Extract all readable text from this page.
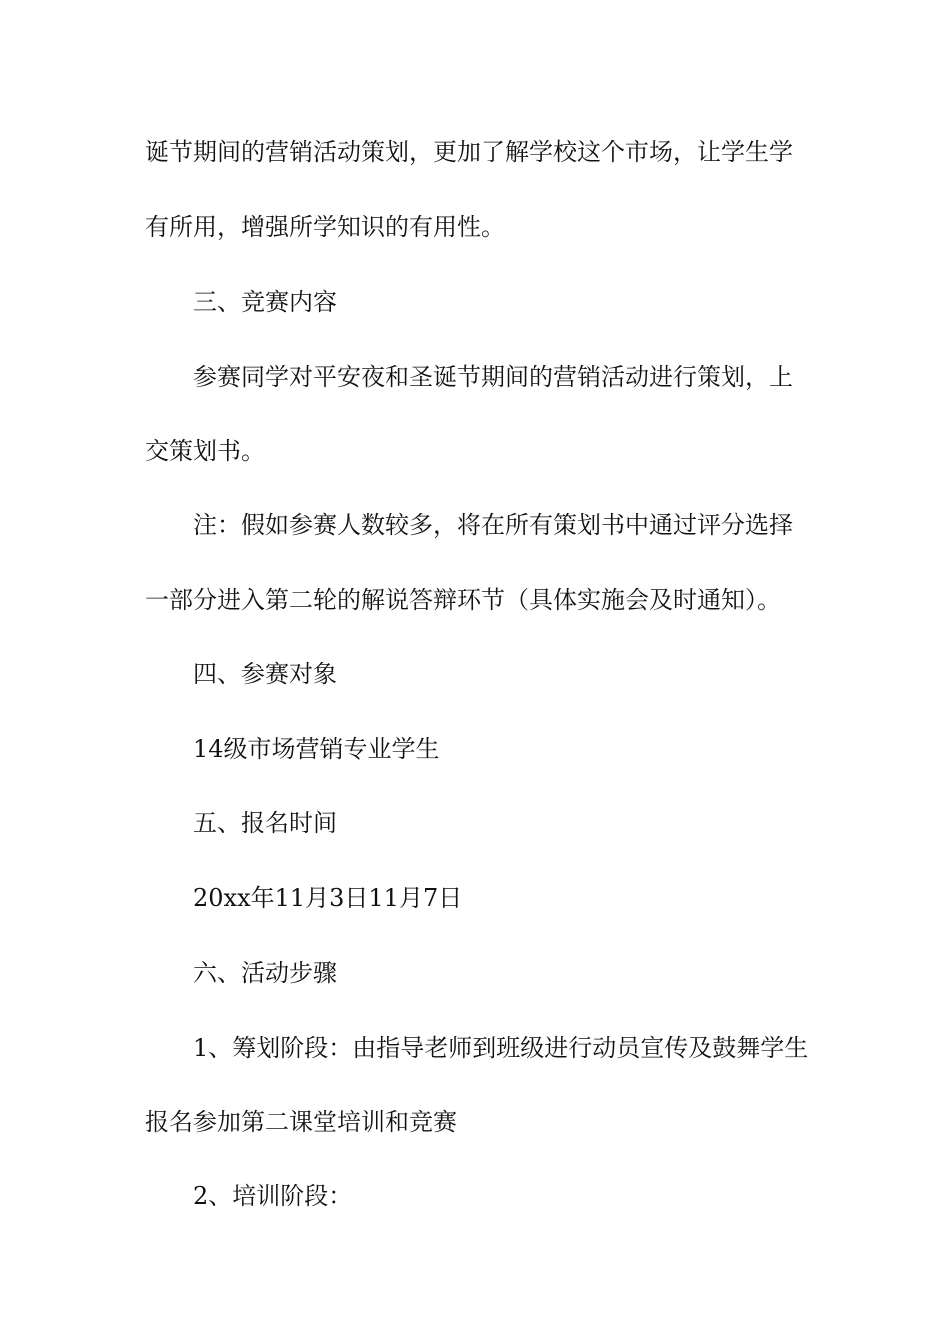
诞节期间的营销活动策划，更加了解学校这个市场，让学生学
有所用，增强所学知识的有用性。
三、竞赛内容
参赛同学对平安夜和圣诞节期间的营销活动进行策划，上
交策划书。
注：假如参赛人数较多，将在所有策划书中通过评分选择
一部分进入第二轮的解说答辩环节（具体实施会及时通知）。
四、参赛对象
14级市场营销专业学生
五、报名时间
20xx年11月3日11月7日
六、活动步骤
1、筹划阶段：由指导老师到班级进行动员宣传及鼓舞学生
报名参加第二课堂培训和竞赛
2、培训阶段：
